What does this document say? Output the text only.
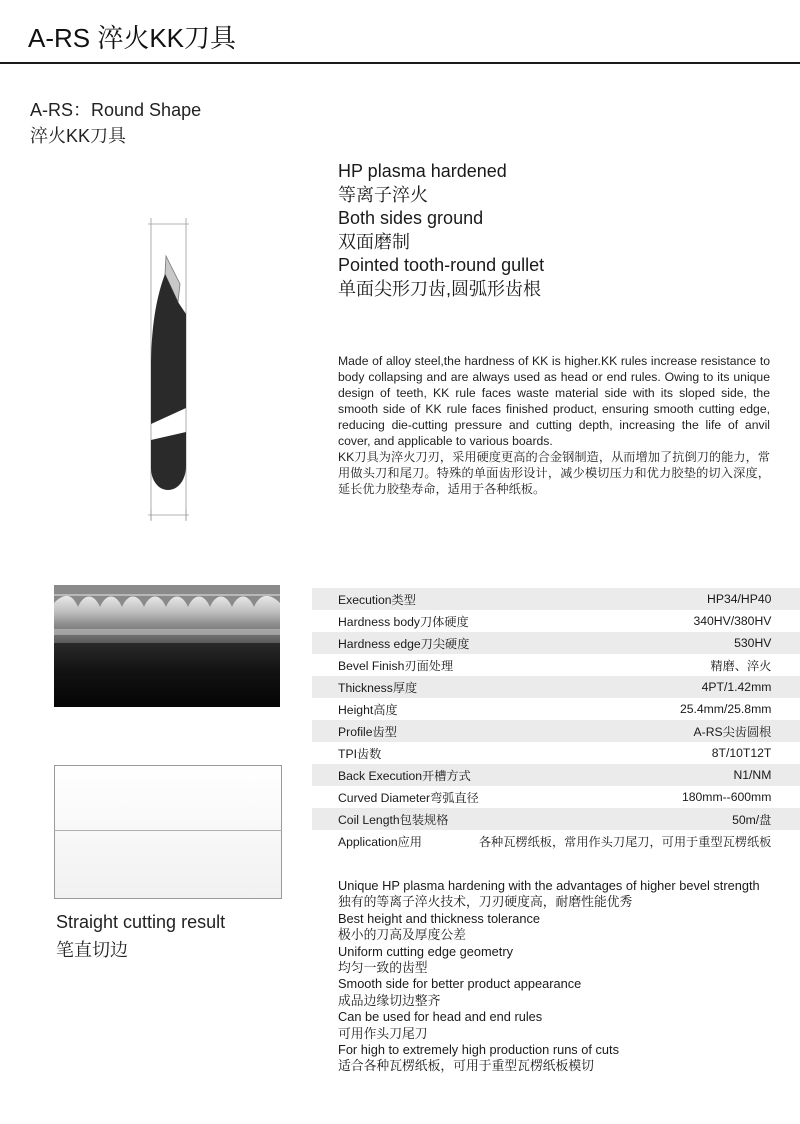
A-RS 淬火KK刀具
A-RS：Round Shape
淬火KK刀具
HP plasma hardened
等离子淬火
Both sides ground
双面磨制
Pointed tooth-round gullet
单面尖形刀齿,圆弧形齿根

Made of alloy steel,the hardness of KK is higher.KK rules increase resistance to body collapsing and are always used as head or end rules. Owing to its unique design of teeth, KK rule faces waste material side with its sloped side, the smooth side of KK rule faces finished product, ensuring smooth cutting edge, reducing die-cutting pressure and cutting depth, increasing the life of anvil cover, and applicable to various boards.

KK刀具为淬火刀刃，采用硬度更高的合金钢制造，从而增加了抗倒刀的能力，常用做头刀和尾刀。特殊的单面齿形设计，减少模切压力和优力胶垫的切入深度，延长优力胶垫寿命，适用于各种纸板。

Straight cutting result
笔直切边
Execution类型	HP34/HP40
Hardness body刀体硬度	340HV/380HV
Hardness edge刀尖硬度	530HV
Bevel Finish刃面处理	精磨、淬火
Thickness厚度	4PT/1.42mm
Height高度	25.4mm/25.8mm
Profile齿型	A-RS尖齿圆根
TPI齿数	8T/10T12T
Back Execution开槽方式	N1/NM
Curved Diameter弯弧直径	180mm--600mm
Coil Length包装规格	50m/盘
Application应用	各种瓦楞纸板，常用作头刀尾刀，可用于重型瓦楞纸板
Unique HP plasma hardening with the advantages of higher bevel strength
独有的等离子淬火技术，刀刃硬度高，耐磨性能优秀
Best height and thickness tolerance
极小的刀高及厚度公差
Uniform cutting edge geometry
均匀一致的齿型
Smooth side for better product appearance
成品边缘切边整齐
Can be used for head and end rules
可用作头刀尾刀
For high to extremely high production runs of cuts
适合各种瓦楞纸板，可用于重型瓦楞纸板模切
